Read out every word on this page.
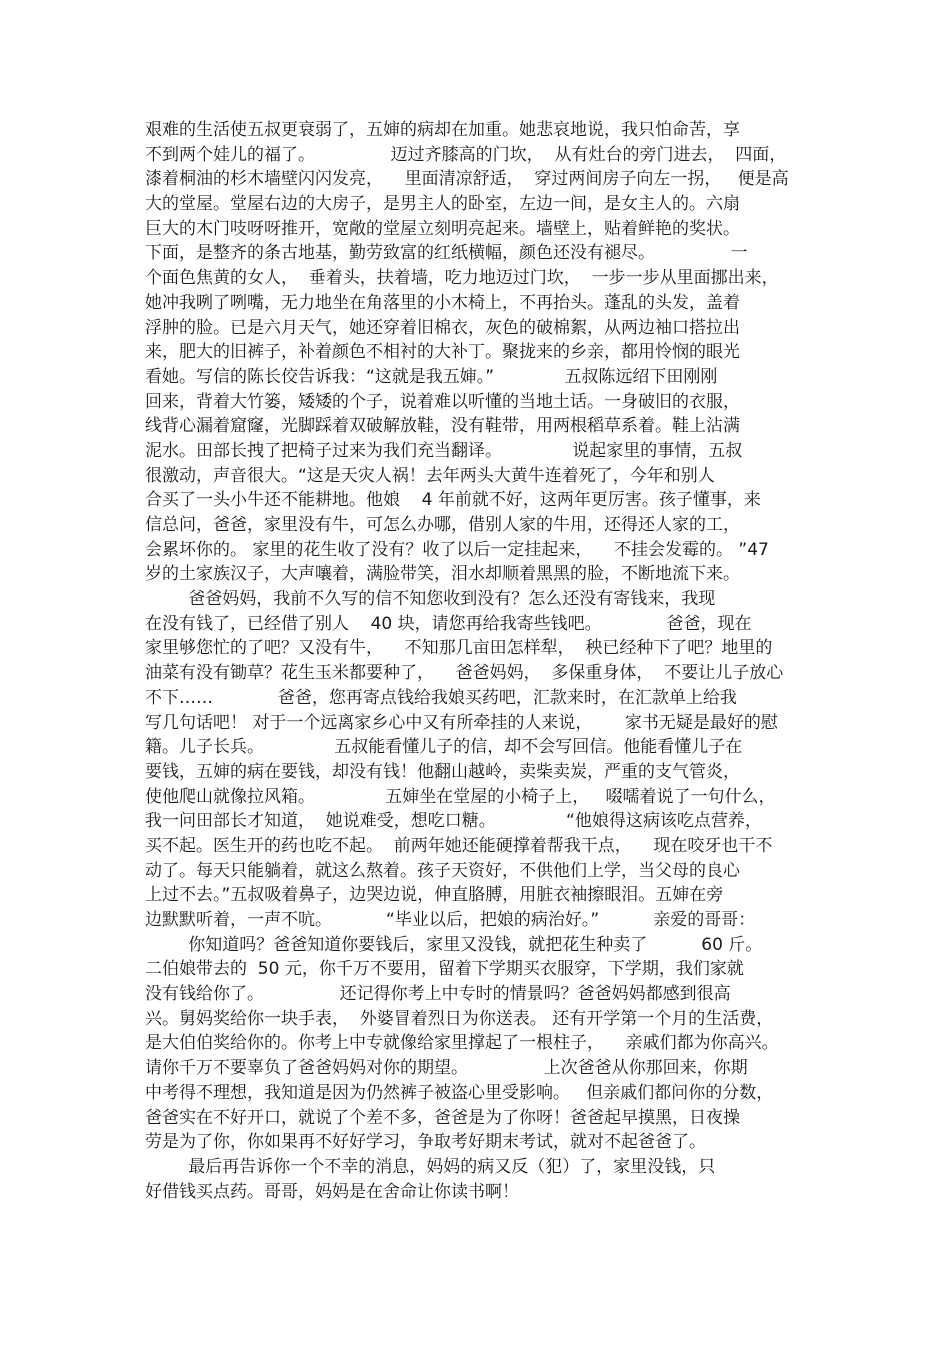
艰难的生活使五叔更衰弱了，五婶的病却在加重。她悲哀地说，我只怕命苦，享
不到两个娃儿的福了。              迈过齐膝高的门坎，  从有灶台的旁门进去，  四面，
漆着桐油的杉木墙壁闪闪发亮，    里面清凉舒适，  穿过两间房子向左一拐，   便是高
大的堂屋。堂屋右边的大房子，是男主人的卧室，左边一间，是女主人的。六扇
巨大的木门吱呀呀推开，宽敞的堂屋立刻明亮起来。墙壁上，贴着鲜艳的奖状。
下面，是整齐的条古地基，勤劳致富的红纸横幅，颜色还没有褪尽。              一
个面色焦黄的女人，  垂着头，扶着墙，吃力地迈过门坎，  一步一步从里面挪出来，
她冲我咧了咧嘴，无力地坐在角落里的小木椅上，不再抬头。蓬乱的头发，盖着
浮肿的脸。已是六月天气，她还穿着旧棉衣，灰色的破棉絮，从两边袖口搭拉出
来，肥大的旧裤子，补着颜色不相衬的大补丁。聚拢来的乡亲，都用怜悯的眼光
看她。写信的陈长佼告诉我：“这就是我五婶。”             五叔陈远绍下田刚刚
回来，背着大竹篓，矮矮的个子，说着难以听懂的当地土话。一身破旧的衣服，
线背心漏着窟窿，光脚踩着双破解放鞋，没有鞋带，用两根稻草系着。鞋上沾满
泥水。田部长拽了把椅子过来为我们充当翻译。             说起家里的事情，五叔
很激动，声音很大。“这是天灾人祸！去年两头大黄牛连着死了，今年和别人
合买了一头小牛还不能耕地。他娘    4 年前就不好，这两年更厉害。孩子懂事，来
信总问，爸爸，家里没有牛，可怎么办哪，借别人家的牛用，还得还人家的工，
会累坏你的。 家里的花生收了没有？收了以后一定挂起来，    不挂会发霉的。 ”47
岁的土家族汉子，大声嚷着，满脸带笑，泪水却顺着黑黑的脸，不断地流下来。
爸爸妈妈，我前不久写的信不知您收到没有？怎么还没有寄钱来，我现
在没有钱了，已经借了别人    40 块，请您再给我寄些钱吧。            爸爸，现在
家里够您忙的了吧？又没有牛，    不知那几亩田怎样犁，  秧已经种下了吧？地里的
油菜有没有锄草？花生玉米都要种了，    爸爸妈妈，  多保重身体，  不要让儿子放心
不下……            爸爸，您再寄点钱给我娘买药吧，汇款来时，在汇款单上给我
写几句话吧！ 对于一个远离家乡心中又有所牵挂的人来说，      家书无疑是最好的慰
籍。儿子长兵。             五叔能看懂儿子的信，却不会写回信。他能看懂儿子在
要钱，五婶的病在要钱，却没有钱！他翻山越岭，卖柴卖炭，严重的支气管炎，
使他爬山就像拉风箱。             五婶坐在堂屋的小椅子上，   啜嚅着说了一句什么，
我一问田部长才知道，  她说难受，想吃口糖。             “他娘得这病该吃点营养，
买不起。医生开的药也吃不起。  前两年她还能硬撑着帮我干点，    现在咬牙也干不
动了。每天只能躺着，就这么熬着。孩子天资好，不供他们上学，当父母的良心
上过不去。”五叔吸着鼻子，边哭边说，伸直胳膊，用脏衣袖擦眼泪。五婶在旁
边默默听着，一声不吭。          “毕业以后，把娘的病治好。”          亲爱的哥哥：
你知道吗？爸爸知道你要钱后，家里又没钱，就把花生种卖了          60 斤。
二伯娘带去的  50 元，你千万不要用，留着下学期买衣服穿，下学期，我们家就
没有钱给你了。              还记得你考上中专时的情景吗？爸爸妈妈都感到很高
兴。舅妈奖给你一块手表，  外婆冒着烈日为你送表。 还有开学第一个月的生活费，
是大伯伯奖给你的。你考上中专就像给家里撑起了一根柱子，    亲戚们都为你高兴。
请你千万不要辜负了爸爸妈妈对你的期望。              上次爸爸从你那回来，你期
中考得不理想，我知道是因为仍然裤子被盗心里受影响。   但亲戚们都问你的分数，
爸爸实在不好开口，就说了个差不多，爸爸是为了你呀！爸爸起早摸黑，日夜操
劳是为了你，你如果再不好好学习，争取考好期末考试，就对不起爸爸了。
最后再告诉你一个不幸的消息，妈妈的病又反（犯）了，家里没钱，只
好借钱买点药。哥哥，妈妈是在舍命让你读书啊！
